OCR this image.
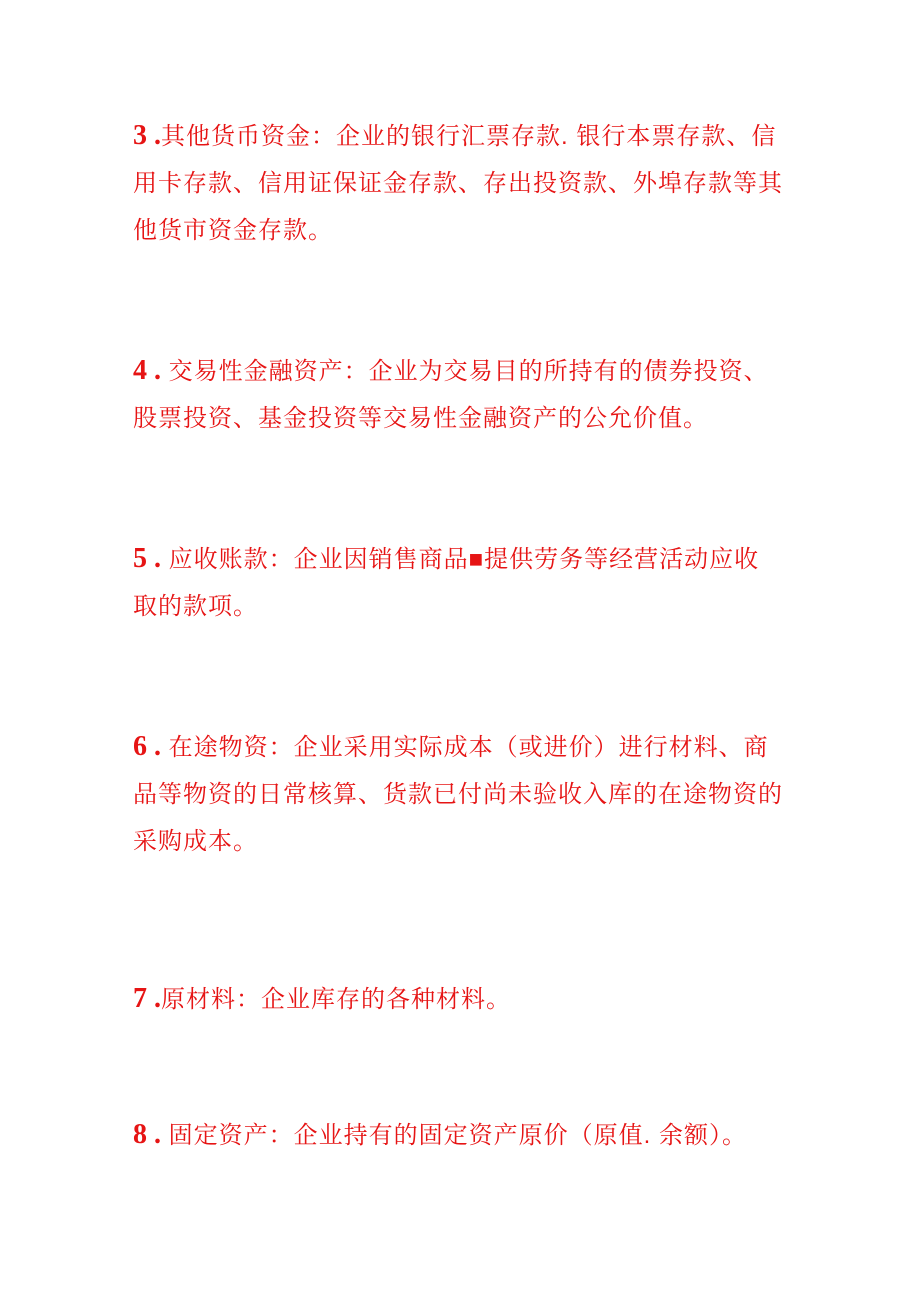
3 .其他货币资金：企业的银行汇票存款. 银行本票存款、信
用卡存款、信用证保证金存款、存出投资款、外埠存款等其
他货市资金存款。

4 . 交易性金融资产：企业为交易目的所持有的债券投资、
股票投资、基金投资等交易性金融资产的公允价值。

5 . 应收账款：企业因销售商品■提供劳务等经营活动应收
取的款项。

6 . 在途物资：企业采用实际成本（或进价）进行材料、商
品等物资的日常核算、货款已付尚未验收入库的在途物资的
采购成本。

7 .原材料：企业库存的各种材料。

8 . 固定资产：企业持有的固定资产原价（原值. 余额）。
